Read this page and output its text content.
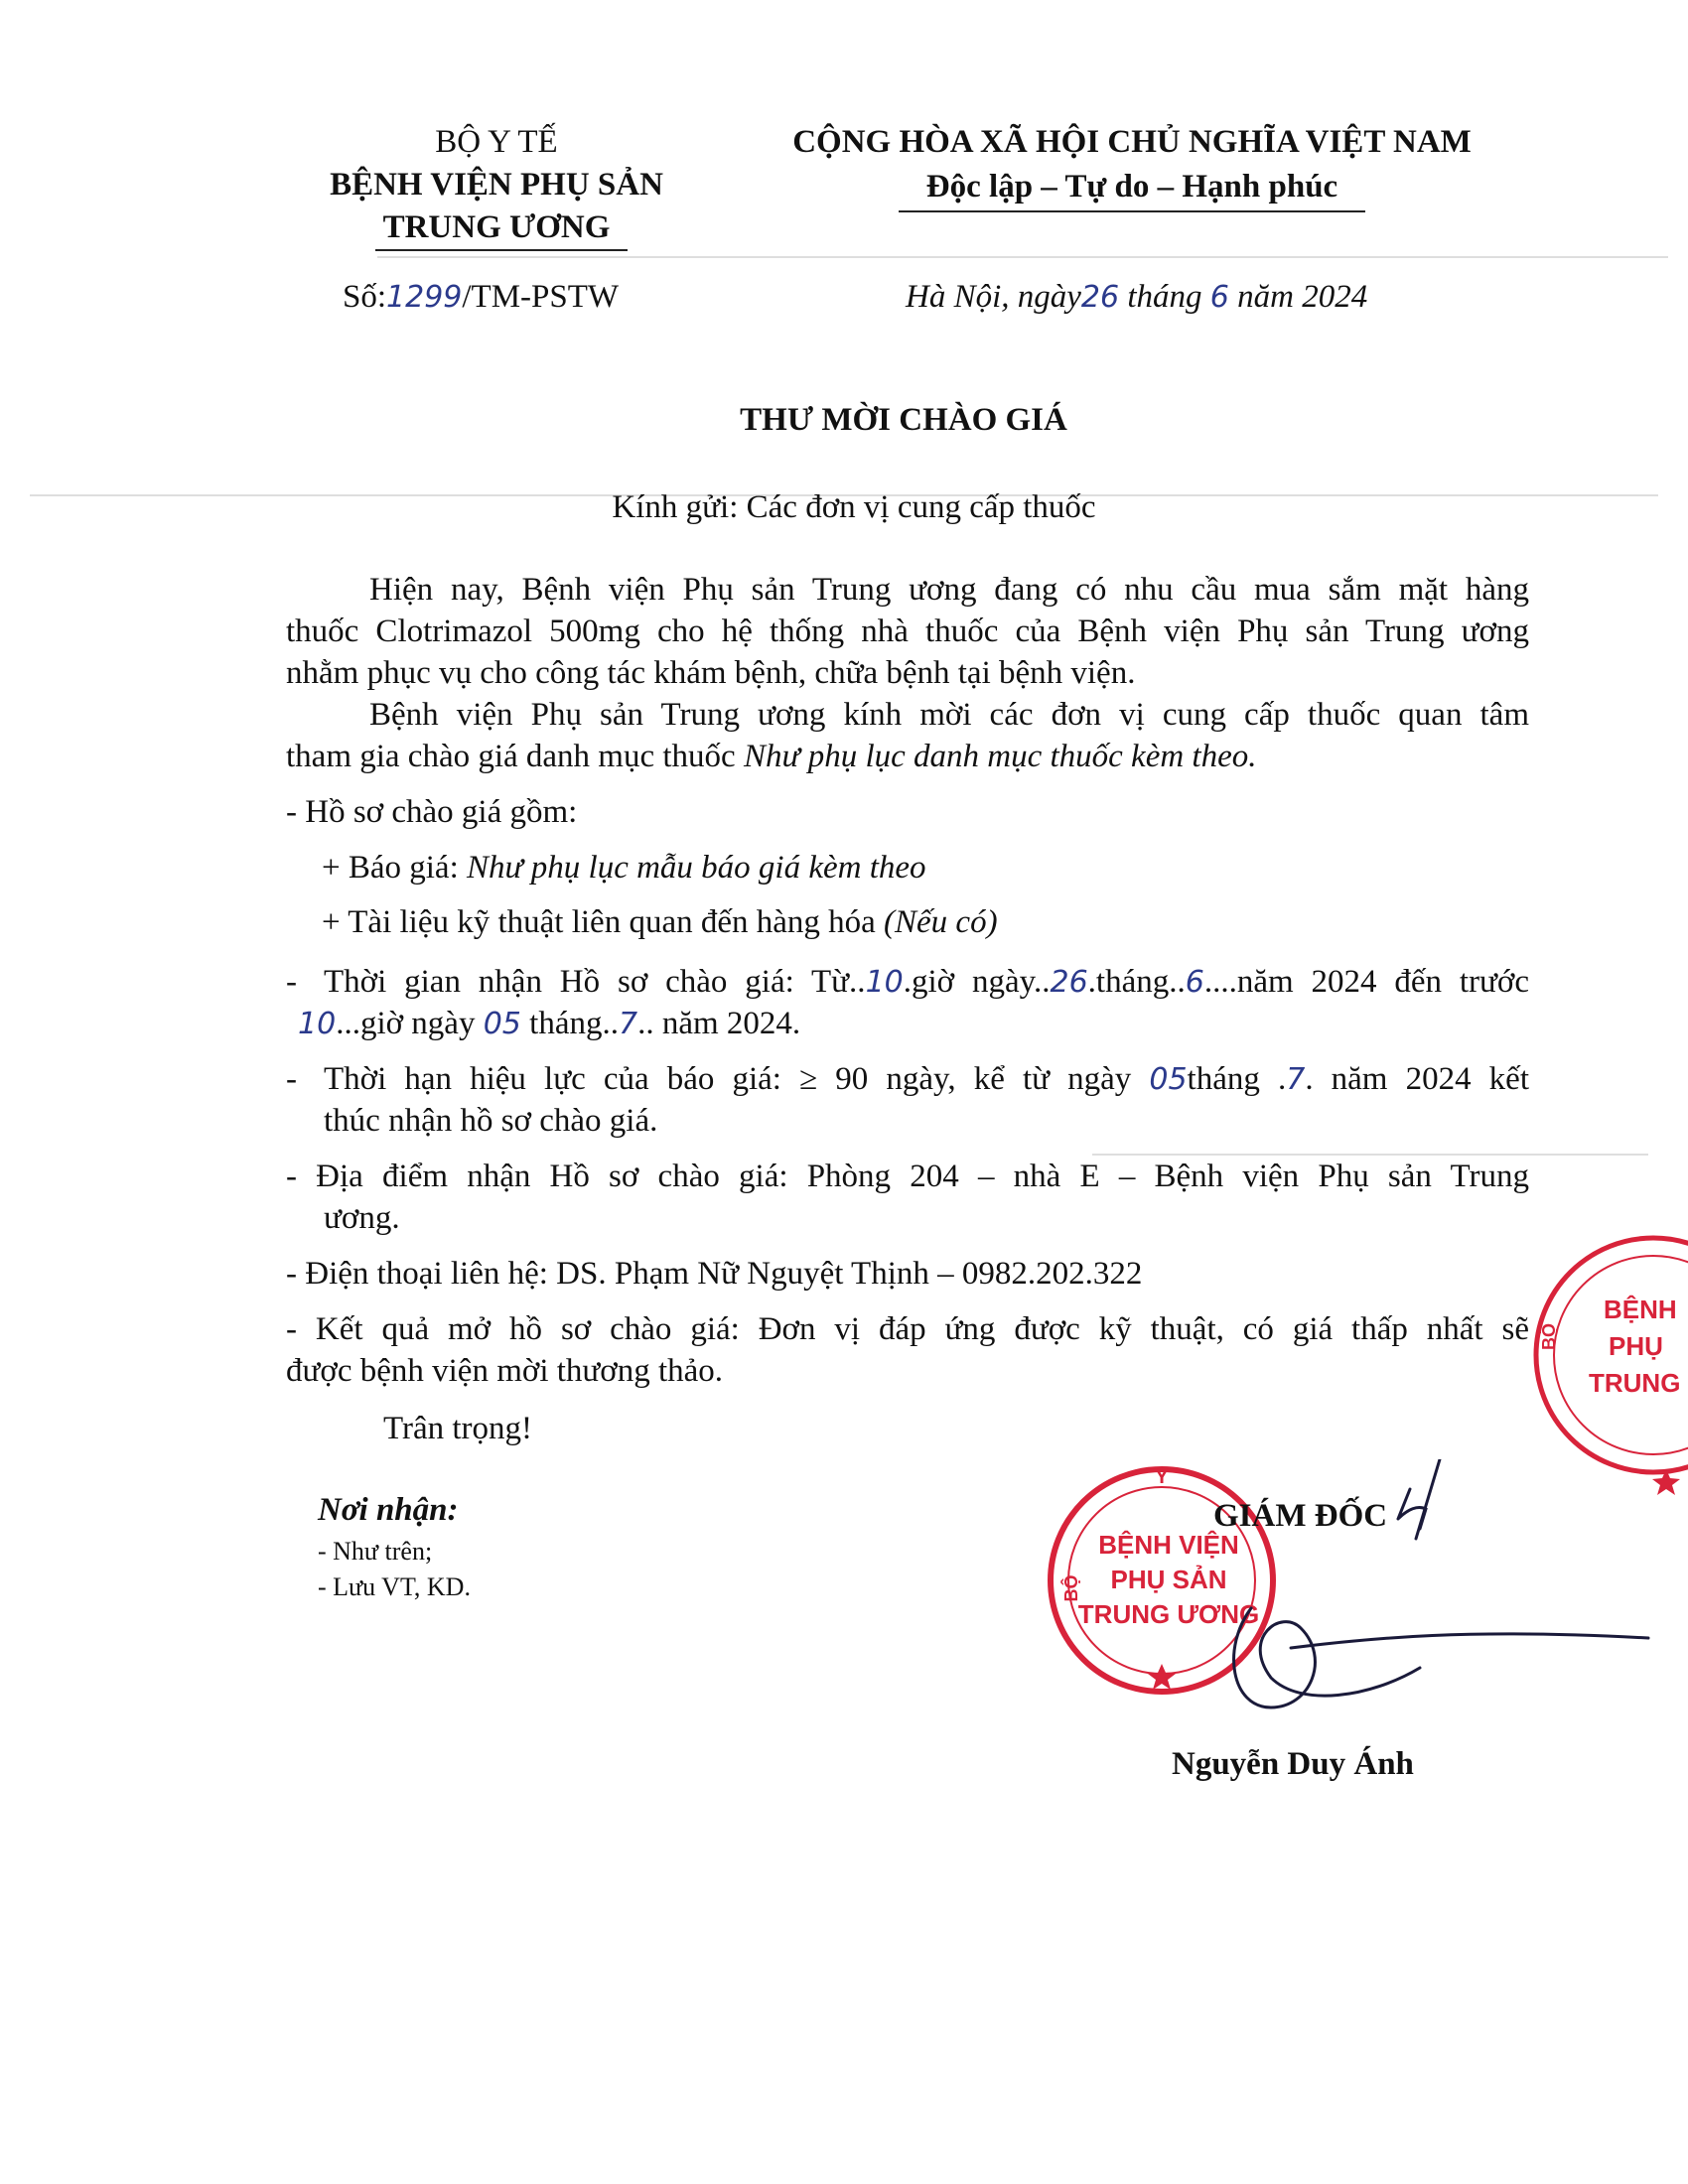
BỘ Y TẾ
BỆNH VIỆN PHỤ SẢN
TRUNG ƯƠNG
Số:1299/TM-PSTW
CỘNG HÒA XÃ HỘI CHỦ NGHĨA VIỆT NAM
Độc lập – Tự do – Hạnh phúc
Hà Nội, ngày26 tháng 6 năm 2024
THƯ MỜI CHÀO GIÁ
Kính gửi: Các đơn vị cung cấp thuốc
Hiện nay, Bệnh viện Phụ sản Trung ương đang có nhu cầu mua sắm mặt hàng
thuốc Clotrimazol 500mg cho hệ thống nhà thuốc của Bệnh viện Phụ sản Trung ương
nhằm phục vụ cho công tác khám bệnh, chữa bệnh tại bệnh viện.
Bệnh viện Phụ sản Trung ương kính mời các đơn vị cung cấp thuốc quan tâm
tham gia chào giá danh mục thuốc Như phụ lục danh mục thuốc kèm theo.
- Hồ sơ chào giá gồm:
+ Báo giá: Như phụ lục mẫu báo giá kèm theo
+ Tài liệu kỹ thuật liên quan đến hàng hóa (Nếu có)
- Thời gian nhận Hồ sơ chào giá: Từ..10.giờ ngày..26.tháng..6....năm 2024 đến trước
10...giờ ngày 05 tháng..7.. năm 2024.
- Thời hạn hiệu lực của báo giá: ≥ 90 ngày, kể từ ngày 05tháng .7. năm 2024 kết
thúc nhận hồ sơ chào giá.
- Địa điểm nhận Hồ sơ chào giá: Phòng 204 – nhà E – Bệnh viện Phụ sản Trung
ương.
- Điện thoại liên hệ: DS. Phạm Nữ Nguyệt Thịnh – 0982.202.322
- Kết quả mở hồ sơ chào giá: Đơn vị đáp ứng được kỹ thuật, có giá thấp nhất sẽ
được bệnh viện mời thương thảo.
Trân trọng!
Nơi nhận:
- Như trên;
- Lưu VT, KD.
Y
BỘ
BỆNH VIỆN
PHỤ SẢN
TRUNG ƯƠNG
BỆNH
PHỤ
TRUNG
BỘ
GIÁM ĐỐC
Nguyễn Duy Ánh
